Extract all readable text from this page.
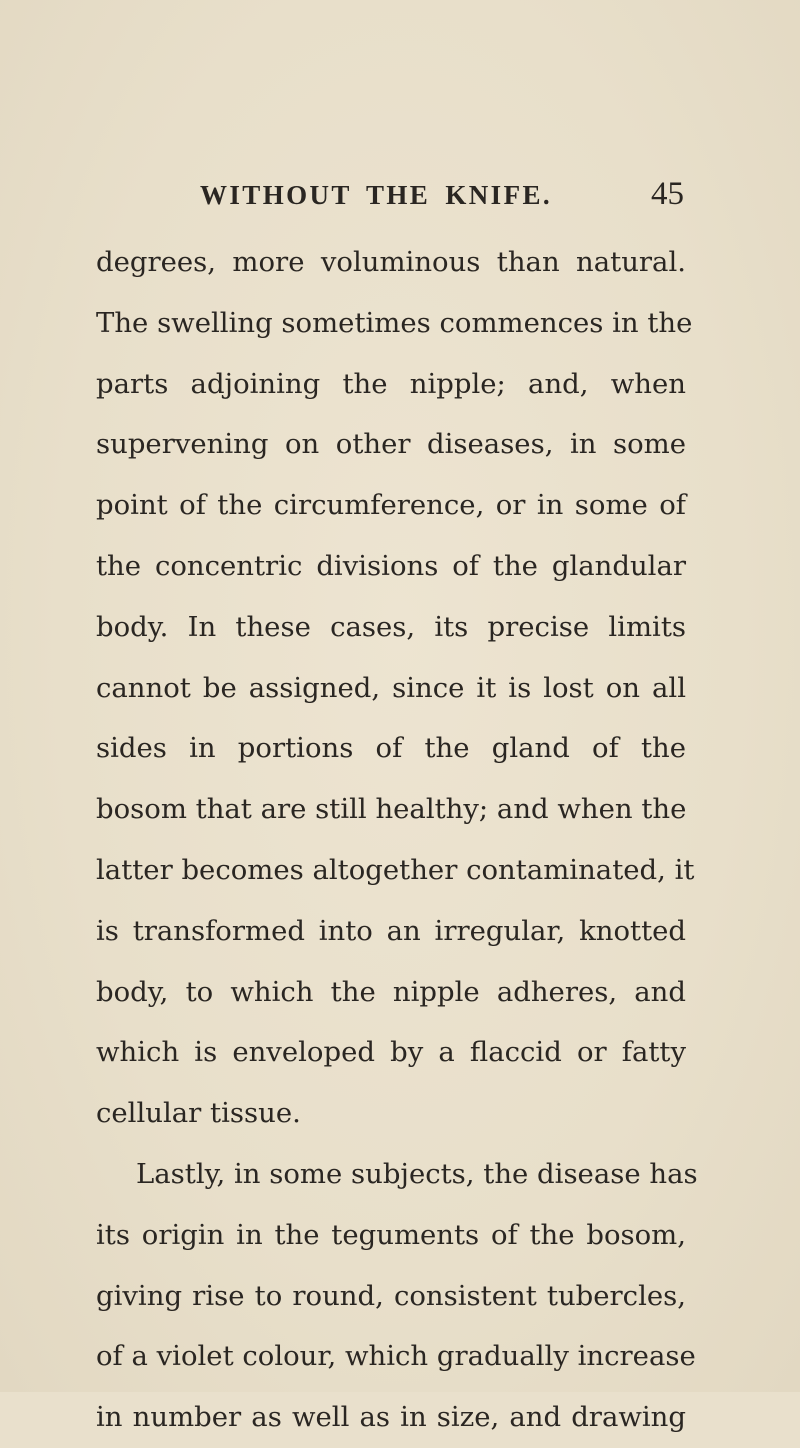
WITHOUT THE KNIFE.	45
degrees, more voluminous than natural.
The swelling sometimes commences in the
parts adjoining the nipple; and, when
supervening on other diseases, in some
point of the circumference, or in some of
the concentric divisions of the glandular
body. In these cases, its precise limits
cannot be assigned, since it is lost on all
sides in portions of the gland of the
bosom that are still healthy; and when the
latter becomes altogether contaminated, it
is transformed into an irregular, knotted
body, to which the nipple adheres, and
which is enveloped by a flaccid or fatty
cellular tissue.
Lastly, in some subjects, the disease has
its origin in the teguments of the bosom,
giving rise to round, consistent tubercles,
of a violet colour, which gradually increase
in number as well as in size, and drawing
